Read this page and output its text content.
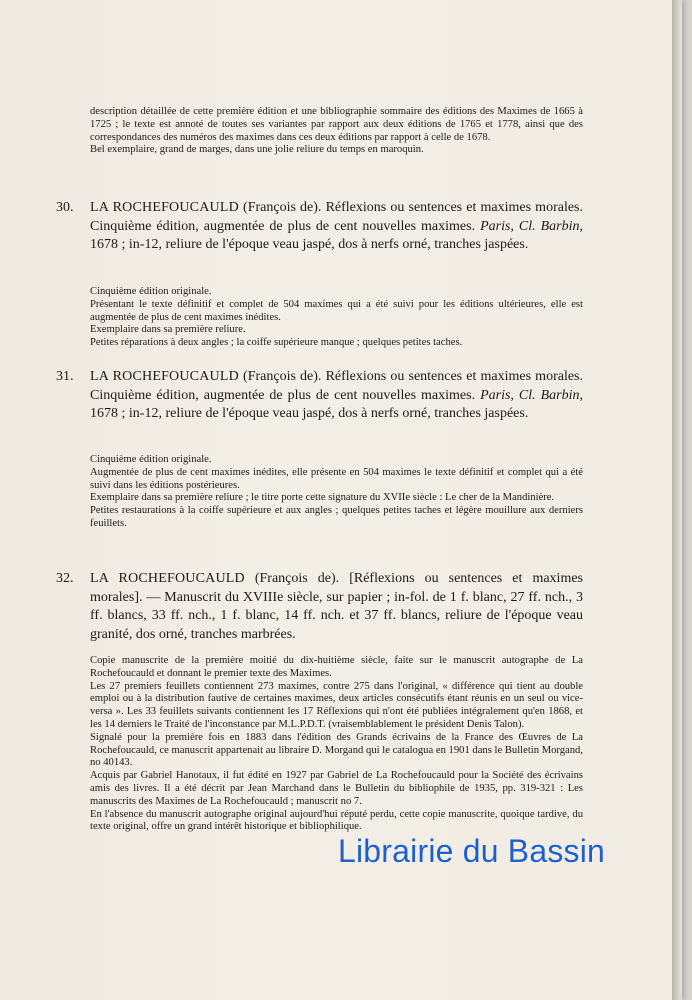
description détaillée de cette première édition et une bibliographie sommaire des éditions des Maximes de 1665 à 1725 ; le texte est annoté de toutes ses variantes par rapport aux deux éditions de 1765 et 1778, ainsi que des correspondances des numéros des maximes dans ces deux éditions par rapport à celle de 1678.

Bel exemplaire, grand de marges, dans une jolie reliure du temps en maroquin.

30. LA ROCHEFOUCAULD (François de). Réflexions ou sentences et maximes morales. Cinquième édition, augmentée de plus de cent nouvelles maximes. Paris, Cl. Barbin, 1678 ; in-12, reliure de l'époque veau jaspé, dos à nerfs orné, tranches jaspées.

Cinquième édition originale.

Présentant le texte définitif et complet de 504 maximes qui a été suivi pour les éditions ultérieures, elle est augmentée de plus de cent maximes inédites.

Exemplaire dans sa première reliure.

Petites réparations à deux angles ; la coiffe supérieure manque ; quelques petites taches.

31. LA ROCHEFOUCAULD (François de). Réflexions ou sentences et maximes morales. Cinquième édition, augmentée de plus de cent nouvelles maximes. Paris, Cl. Barbin, 1678 ; in-12, reliure de l'époque veau jaspé, dos à nerfs orné, tranches jaspées.

Cinquième édition originale.

Augmentée de plus de cent maximes inédites, elle présente en 504 maximes le texte définitif et complet qui a été suivi dans les éditions postérieures.

Exemplaire dans sa première reliure ; le titre porte cette signature du XVIIe siècle : Le cher de la Mandinière.

Petites restaurations à la coiffe supérieure et aux angles ; quelques petites taches et légère mouillure aux derniers feuillets.

32. LA ROCHEFOUCAULD (François de). [Réflexions ou sentences et maximes morales]. — Manuscrit du XVIIIe siècle, sur papier ; in-fol. de 1 f. blanc, 27 ff. nch., 3 ff. blancs, 33 ff. nch., 1 f. blanc, 14 ff. nch. et 37 ff. blancs, reliure de l'époque veau granité, dos orné, tranches marbrées.

Copie manuscrite de la première moitié du dix-huitième siècle, faite sur le manuscrit autographe de La Rochefoucauld et donnant le premier texte des Maximes.

Les 27 premiers feuillets contiennent 273 maximes, contre 275 dans l'original, « différence qui tient au double emploi ou à la distribution fautive de certaines maximes, deux articles consécutifs étant réunis en un seul ou vice-versa ». Les 33 feuillets suivants contiennent les 17 Réflexions qui n'ont été publiées intégralement qu'en 1868, et les 14 derniers le Traité de l'inconstance par M.L.P.D.T. (vraisemblablement le président Denis Talon).

Signalé pour la première fois en 1883 dans l'édition des Grands écrivains de la France des Œuvres de La Rochefoucauld, ce manuscrit appartenait au libraire D. Morgand qui le catalogua en 1901 dans le Bulletin Morgand, no 40143.

Acquis par Gabriel Hanotaux, il fut édité en 1927 par Gabriel de La Rochefoucauld pour la Société des écrivains amis des livres. Il a été décrit par Jean Marchand dans le Bulletin du bibliophile de 1935, pp. 319-321 : Les manuscrits des Maximes de La Rochefoucauld ; manuscrit no 7.

En l'absence du manuscrit autographe original aujourd'hui réputé perdu, cette copie manuscrite, quoique tardive, du texte original, offre un grand intérêt historique et bibliophilique.

Librairie du Bassin
